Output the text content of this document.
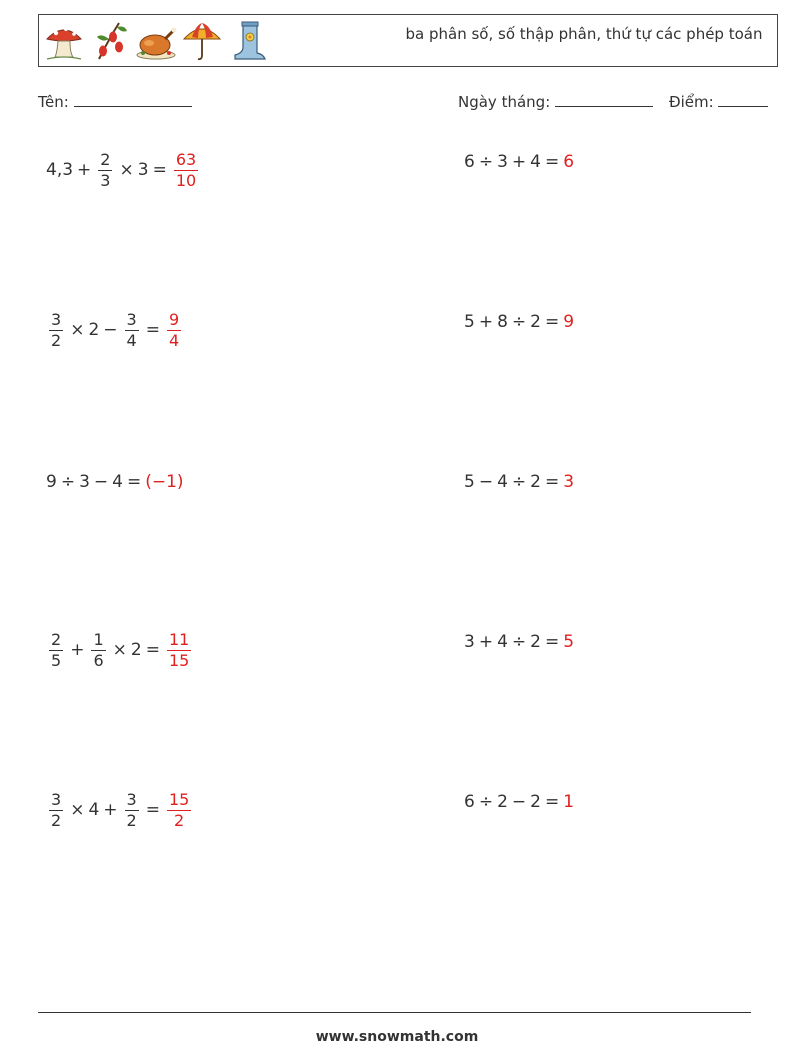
ba phân số, số thập phân, thứ tự các phép toán
Tên:	Ngày tháng:	Điểm:
$4,3 + \frac{2}{3} \times 3 = \frac{63}{10}$	6 ÷ 3 + 4 = 6
$\frac{3}{2} \times 2 - \frac{3}{4} = \frac{9}{4}$	5 + 8 ÷ 2 = 9
9 ÷ 3 − 4 = (−1)	5 − 4 ÷ 2 = 3
$\frac{2}{5} + \frac{1}{6} \times 2 = \frac{11}{15}$	3 + 4 ÷ 2 = 5
$\frac{3}{2} \times 4 + \frac{3}{2} = \frac{15}{2}$	6 ÷ 2 − 2 = 1
www.snowmath.com
